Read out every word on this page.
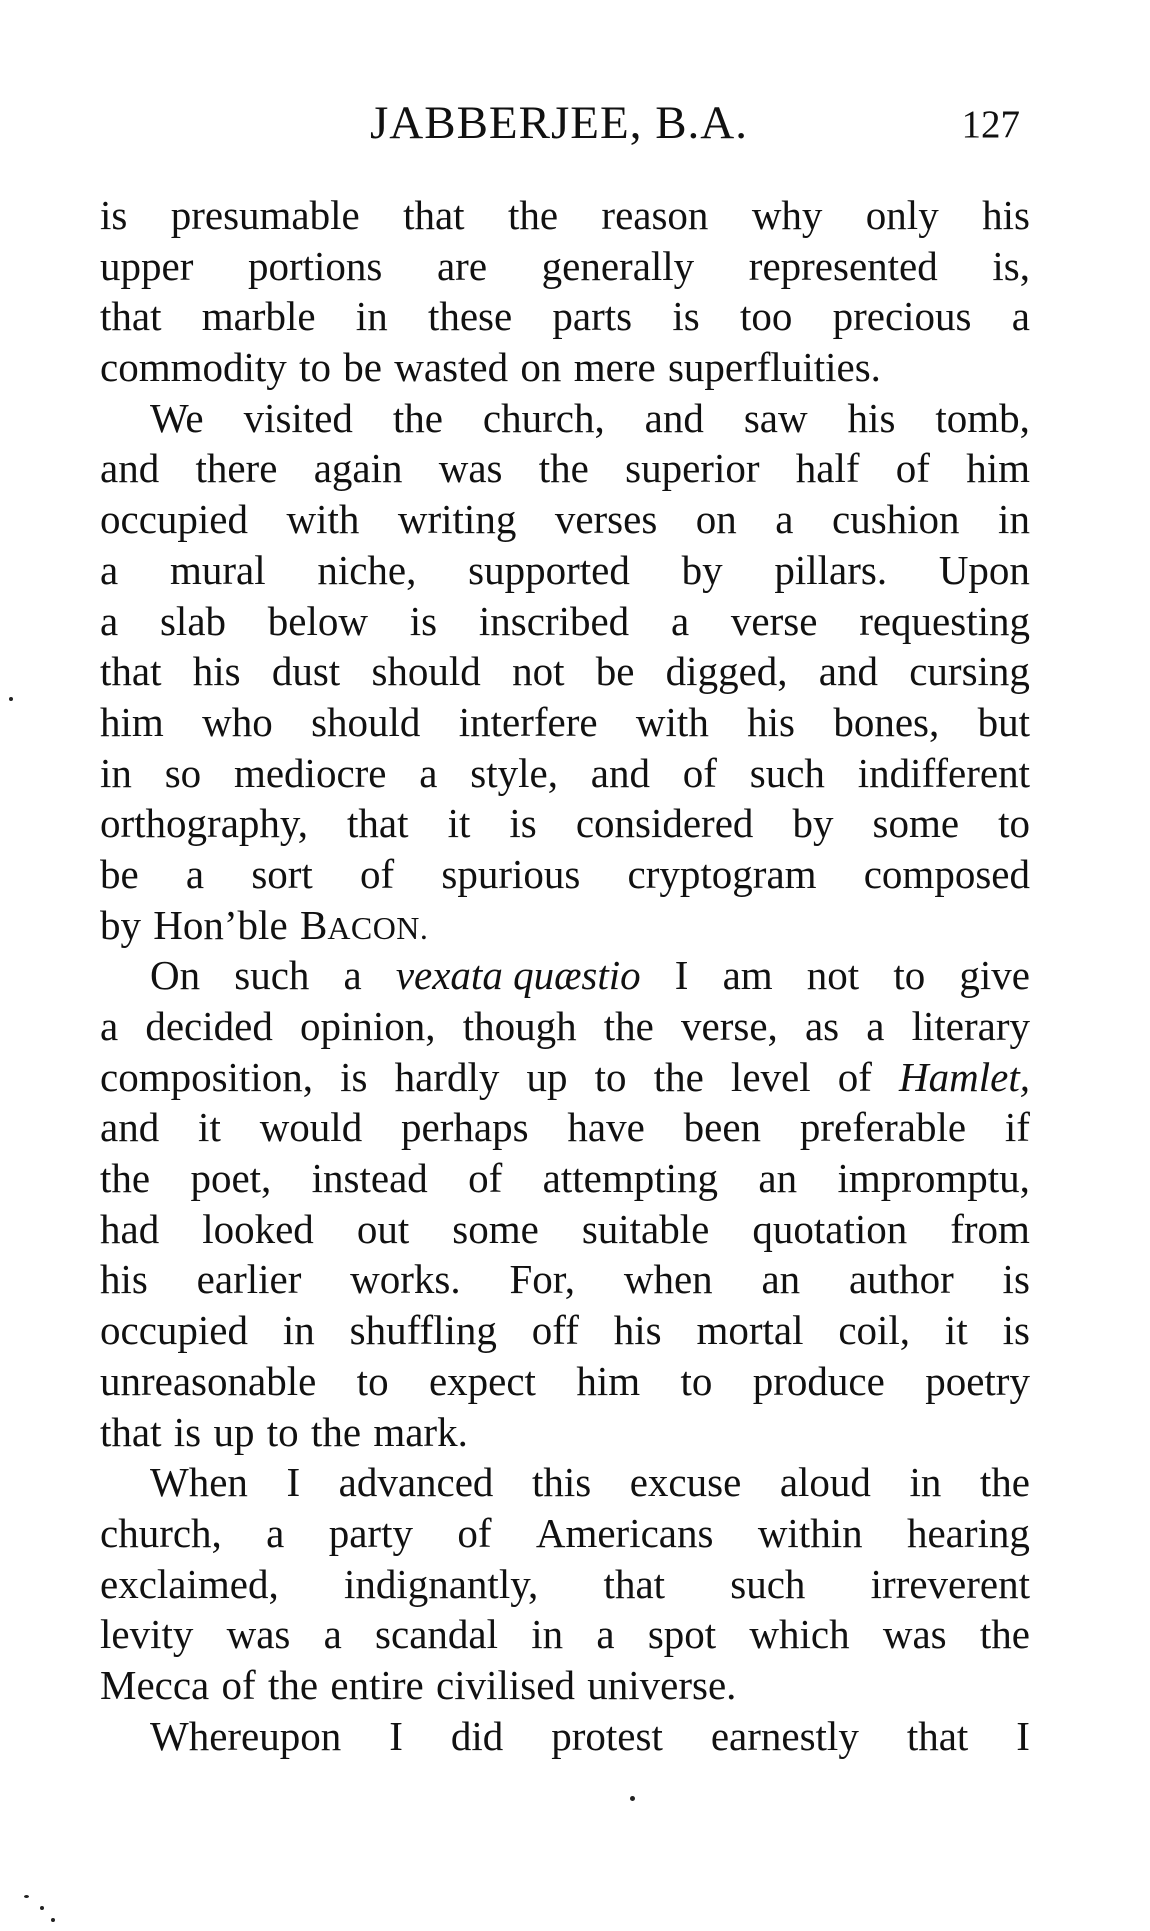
JABBERJEE, B.A.	127
is presumable that the reason why only his
upper portions are generally represented is,
that marble in these parts is too precious a
commodity to be wasted on mere superfluities.
We visited the church, and saw his tomb,
and there again was the superior half of him
occupied with writing verses on a cushion in
a mural niche, supported by pillars. Upon
a slab below is inscribed a verse requesting
that his dust should not be digged, and cursing
him who should interfere with his bones, but
in so mediocre a style, and of such indifferent
orthography, that it is considered by some to
be a sort of spurious cryptogram composed
by Hon’ble BACON.
On such a vexata quæstio I am not to give
a decided opinion, though the verse, as a literary
composition, is hardly up to the level of Hamlet,
and it would perhaps have been preferable if
the poet, instead of attempting an impromptu,
had looked out some suitable quotation from
his earlier works. For, when an author is
occupied in shuffling off his mortal coil, it is
unreasonable to expect him to produce poetry
that is up to the mark.
When I advanced this excuse aloud in the
church, a party of Americans within hearing
exclaimed, indignantly, that such irreverent
levity was a scandal in a spot which was the
Mecca of the entire civilised universe.
Whereupon I did protest earnestly that I
